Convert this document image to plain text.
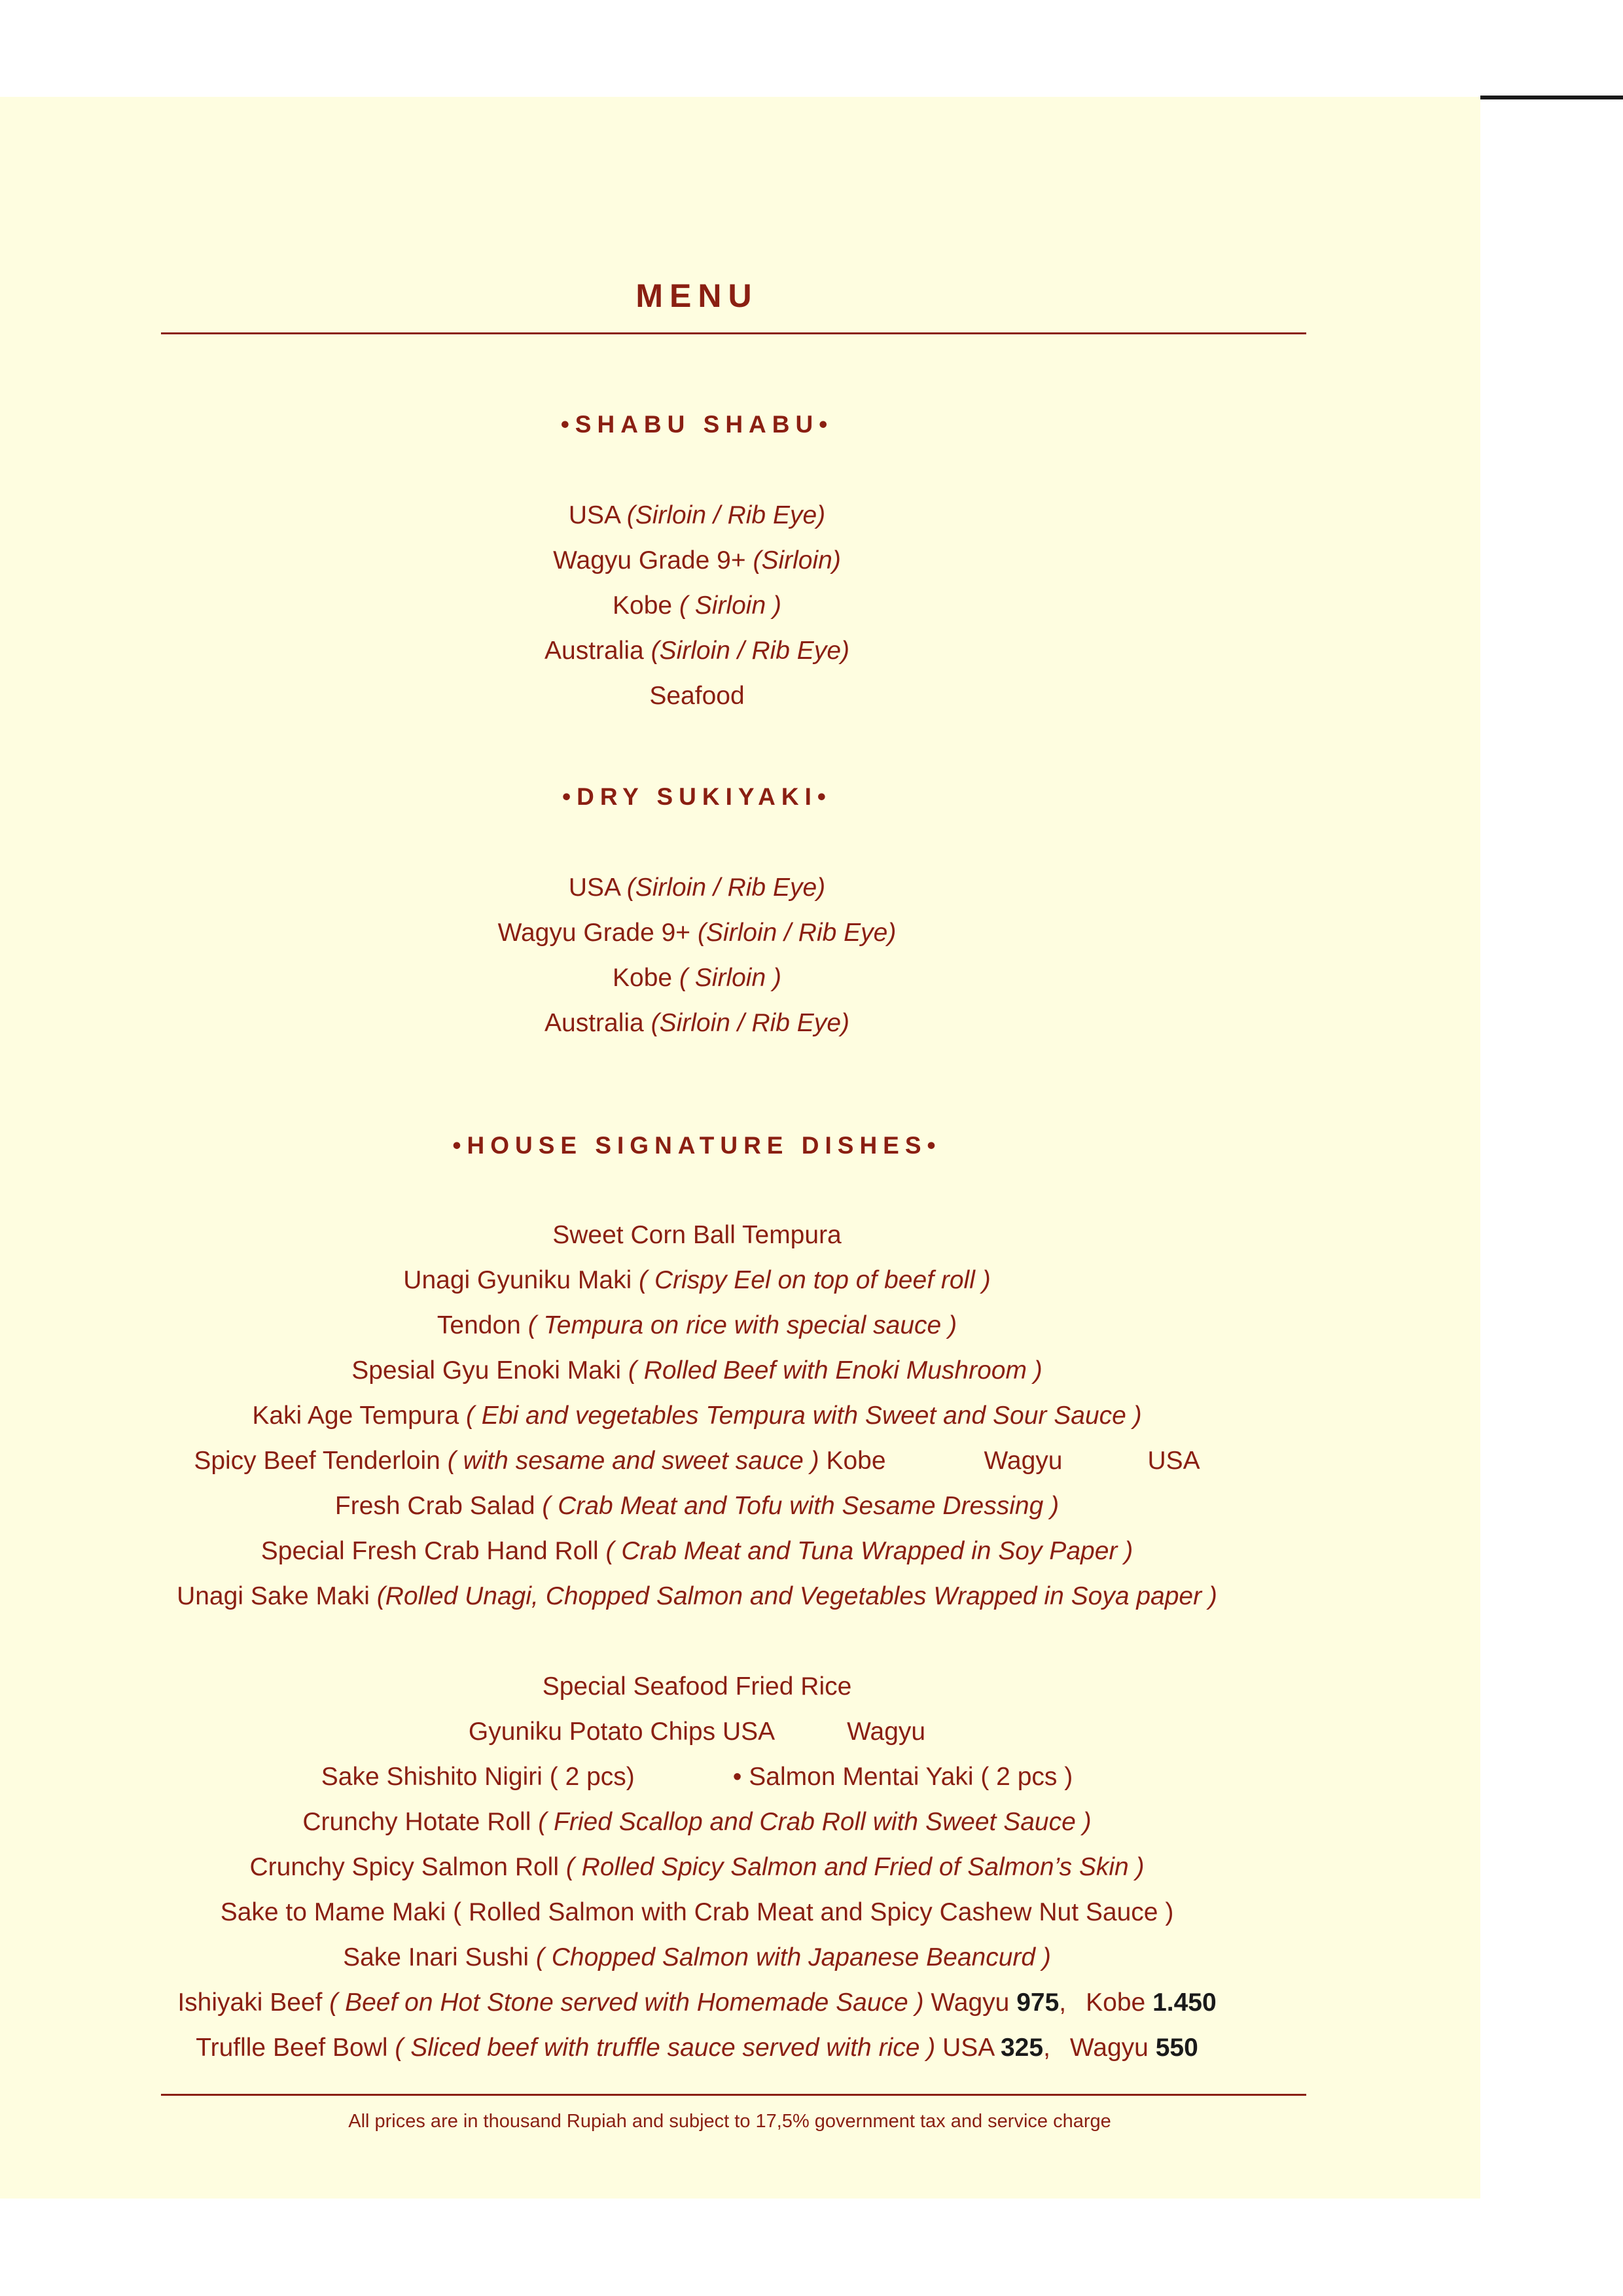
MENU
•SHABU SHABU•
USA (Sirloin / Rib Eye)
Wagyu Grade 9+ (Sirloin)
Kobe ( Sirloin )
Australia (Sirloin / Rib Eye)
Seafood
•DRY SUKIYAKI•
USA (Sirloin / Rib Eye)
Wagyu Grade 9+ (Sirloin / Rib Eye)
Kobe ( Sirloin )
Australia (Sirloin / Rib Eye)
•HOUSE SIGNATURE DISHES•
Sweet Corn Ball Tempura
Unagi Gyuniku Maki ( Crispy Eel on top of beef roll )
Tendon ( Tempura on rice with special sauce )
Spesial Gyu Enoki Maki ( Rolled Beef with Enoki Mushroom )
Kaki Age Tempura ( Ebi and vegetables Tempura with Sweet and Sour Sauce )
Spicy Beef Tenderloin ( with sesame and sweet sauce ) Kobe	Wagyu	USA
Fresh Crab Salad ( Crab Meat and Tofu with Sesame Dressing )
Special Fresh Crab Hand Roll ( Crab Meat and Tuna Wrapped in Soy Paper )
Unagi Sake Maki (Rolled Unagi, Chopped Salmon and Vegetables Wrapped in Soya paper )
Special Seafood Fried Rice
Gyuniku Potato Chips USA	Wagyu
Sake Shishito Nigiri ( 2 pcs)	• Salmon Mentai Yaki ( 2 pcs )
Crunchy Hotate Roll ( Fried Scallop and Crab Roll with Sweet Sauce )
Crunchy Spicy Salmon Roll ( Rolled Spicy Salmon and Fried of Salmon’s Skin )
Sake to Mame Maki ( Rolled Salmon with Crab Meat and Spicy Cashew Nut Sauce )
Sake Inari Sushi ( Chopped Salmon with Japanese Beancurd )
Ishiyaki Beef ( Beef on Hot Stone served with Homemade Sauce ) Wagyu 975, Kobe 1.450
Truflle Beef Bowl ( Sliced beef with truffle sauce served with rice ) USA 325, Wagyu 550
All prices are in thousand Rupiah and subject to 17,5% government tax and service charge
